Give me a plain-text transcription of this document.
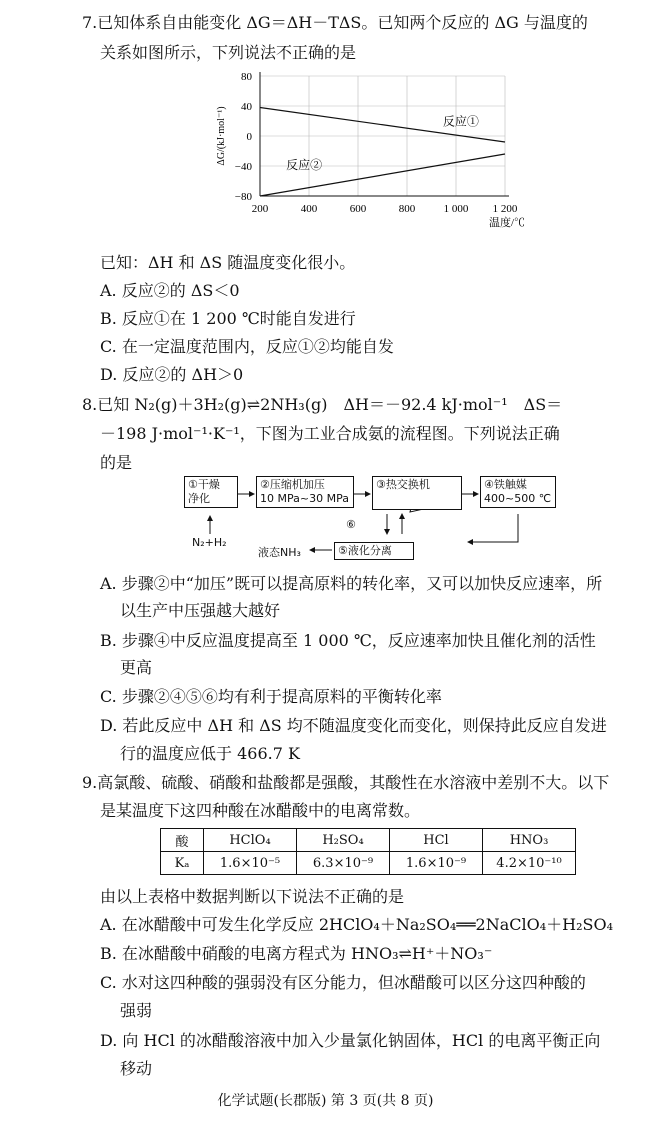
7.已知体系自由能变化 ΔG＝ΔH－TΔS。已知两个反应的 ΔG 与温度的
关系如图所示，下列说法不正确的是
80
40
0
−40
−80
200	400	600	800	1 000 1 200
ΔG/(kJ·mol⁻¹)
温度/℃
反应①
反应②
已知：ΔH 和 ΔS 随温度变化很小。
A. 反应②的 ΔS＜0
B. 反应①在 1 200 ℃时能自发进行
C. 在一定温度范围内，反应①②均能自发
D. 反应②的 ΔH＞0
8.已知 N₂(g)＋3H₂(g)⇌2NH₃(g)　ΔH＝－92.4 kJ·mol⁻¹　ΔS＝
－198 J·mol⁻¹·K⁻¹，下图为工业合成氨的流程图。下列说法正确
的是
①干燥
净化
②压缩机加压
10 MPa~30 MPa
③热交换机	④铁触媒
400~500 ℃
⑤液化分离
⑥
N₂+H₂
液态NH₃
A. 步骤②中“加压”既可以提高原料的转化率，又可以加快反应速率，所
以生产中压强越大越好
B. 步骤④中反应温度提高至 1 000 ℃，反应速率加快且催化剂的活性
更高
C. 步骤②④⑤⑥均有利于提高原料的平衡转化率
D. 若此反应中 ΔH 和 ΔS 均不随温度变化而变化，则保持此反应自发进
行的温度应低于 466.7 K
9.高氯酸、硫酸、硝酸和盐酸都是强酸，其酸性在水溶液中差别不大。以下
是某温度下这四种酸在冰醋酸中的电离常数。
酸	HClO₄	H₂SO₄	HCl	HNO₃
Kₐ	1.6×10⁻⁵	6.3×10⁻⁹	1.6×10⁻⁹	4.2×10⁻¹⁰
由以上表格中数据判断以下说法不正确的是
A. 在冰醋酸中可发生化学反应 2HClO₄＋Na₂SO₄══2NaClO₄＋H₂SO₄
B. 在冰醋酸中硝酸的电离方程式为 HNO₃⇌H⁺＋NO₃⁻
C. 水对这四种酸的强弱没有区分能力，但冰醋酸可以区分这四种酸的
强弱
D. 向 HCl 的冰醋酸溶液中加入少量氯化钠固体，HCl 的电离平衡正向
移动
化学试题(长郡版) 第 3 页(共 8 页)
